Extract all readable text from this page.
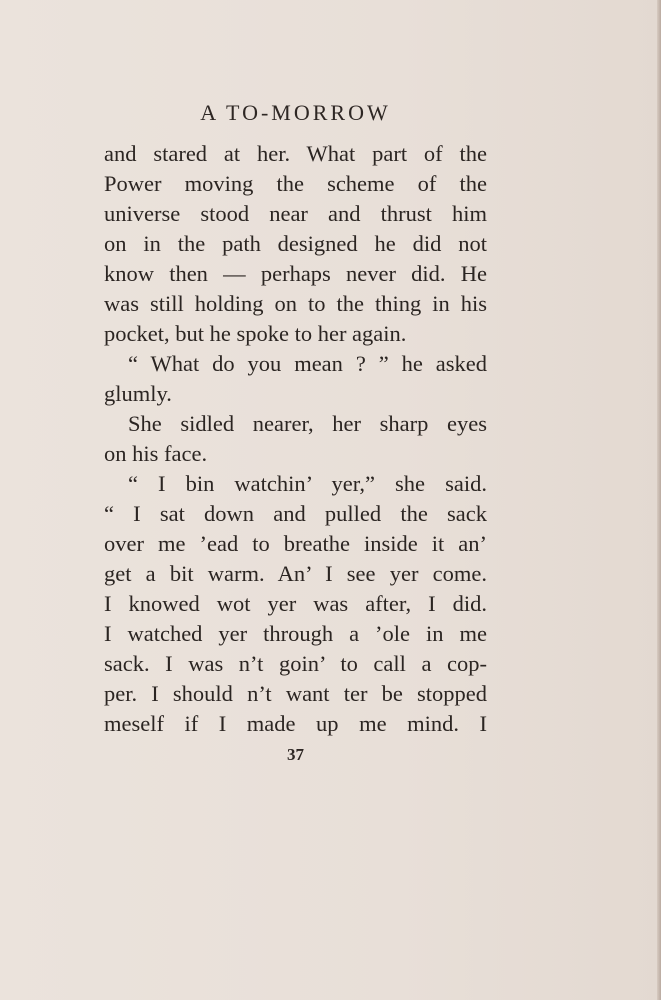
A TO-MORROW
and stared at her. What part of the
Power moving the scheme of the
universe stood near and thrust him
on in the path designed he did not
know then — perhaps never did. He
was still holding on to the thing in his
pocket, but he spoke to her again.
“ What do you mean ? ” he asked
glumly.
She sidled nearer, her sharp eyes
on his face.
“ I bin watchin’ yer,” she said.
“ I sat down and pulled the sack
over me ’ead to breathe inside it an’
get a bit warm. An’ I see yer come.
I knowed wot yer was after, I did.
I watched yer through a ’ole in me
sack. I was n’t goin’ to call a cop-
per. I should n’t want ter be stopped
meself if I made up me mind. I
37
